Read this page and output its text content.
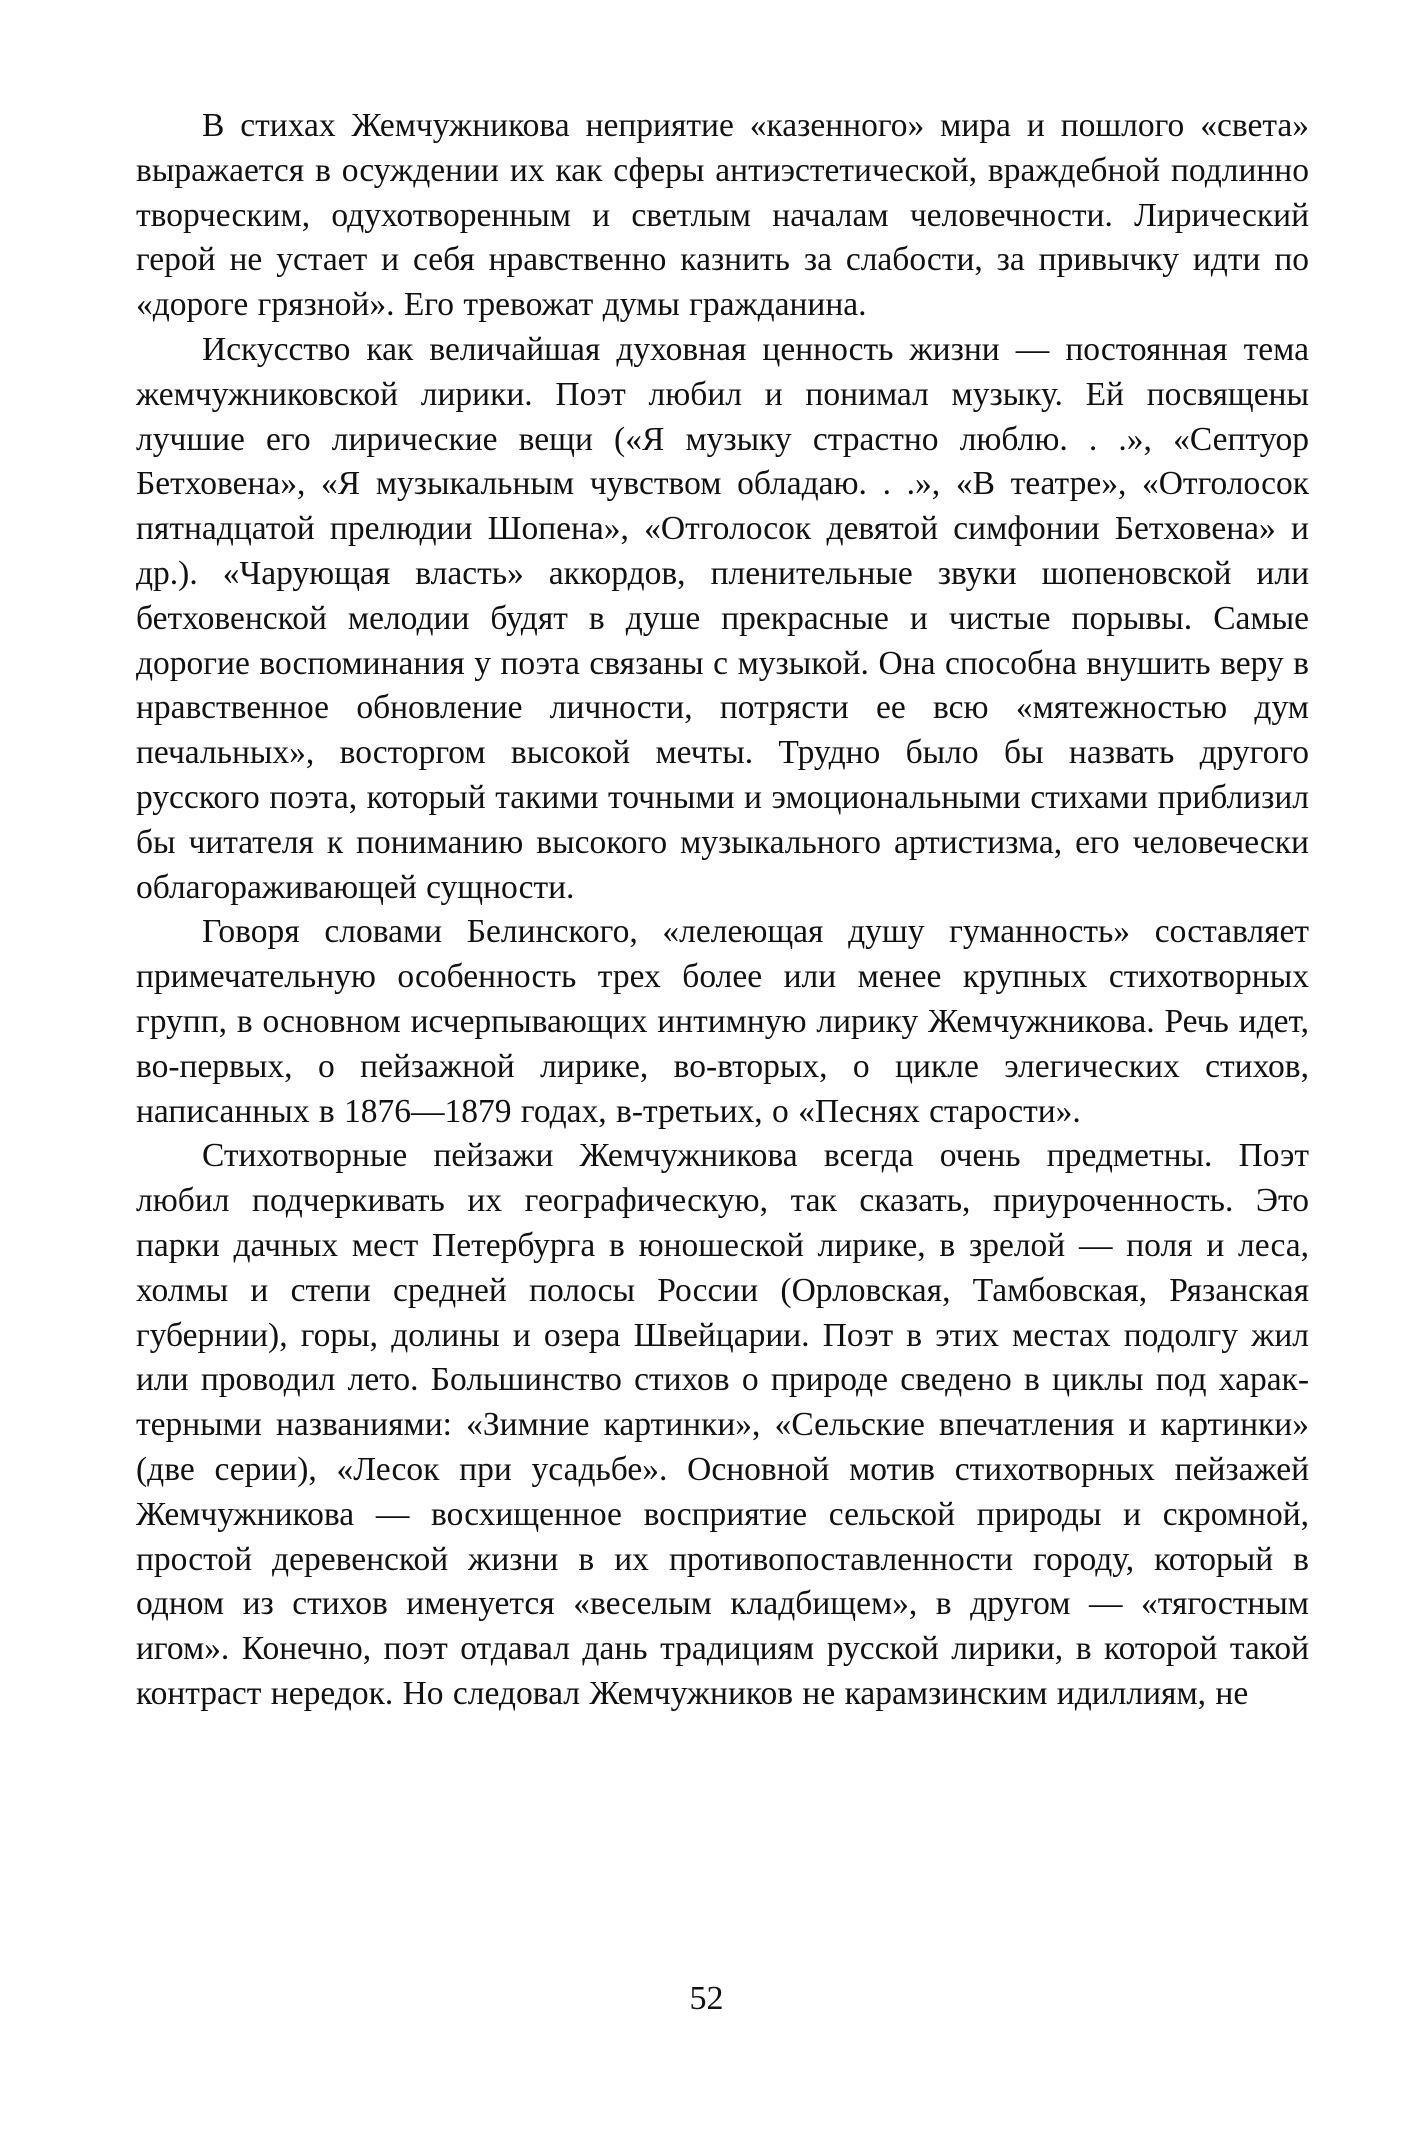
В стихах Жемчужникова неприятие «казенного» мира и пошлого «света» выражается в осуждении их как сферы антиэстетической, враждебной подлинно творческим, одухотворенным и светлым началам человечности. Лирический герой не устает и себя нравственно казнить за слабости, за привычку идти по «дороге грязной». Его тревожат думы гражданина.

Искусство как величайшая духовная ценность жизни — постоянная тема жемчужниковской лирики. Поэт любил и понимал музыку. Ей посвящены лучшие его лирические вещи («Я музыку страстно люблю. . .», «Септуор Бетховена», «Я музыкальным чувством обладаю. . .», «В театре», «Отголосок пятнадцатой прелюдии Шопена», «Отголосок девятой симфонии Бетховена» и др.). «Чарующая власть» аккордов, пленительные звуки шопеновской или бетховенской мелодии будят в душе прекрасные и чистые порывы. Самые дорогие воспоминания у поэта связаны с музыкой. Она способна внушить веру в нравственное обновление личности, потрясти ее всю «мятежностью дум печальных», восторгом высокой мечты. Трудно было бы назвать другого русского поэта, который такими точными и эмоциональными стихами приблизил бы читателя к пониманию высокого музыкального артистизма, его человечески облагораживающей сущности.

Говоря словами Белинского, «лелеющая душу гуманность» составляет примечательную особенность трех более или менее крупных стихотворных групп, в основном исчерпывающих интимную лирику Жемчужникова. Речь идет, во-первых, о пейзажной лирике, во-вторых, о цикле элегических стихов, написанных в 1876—1879 годах, в-третьих, о «Песнях старости».

Стихотворные пейзажи Жемчужникова всегда очень предметны. Поэт любил подчеркивать их географическую, так сказать, приуроченность. Это парки дачных мест Петербурга в юношеской лирике, в зрелой — поля и леса, холмы и степи средней полосы России (Орловская, Тамбовская, Рязанская губернии), горы, долины и озера Швейцарии. Поэт в этих местах подолгу жил или проводил лето. Большинство стихов о природе сведено в циклы под характерными названиями: «Зимние картинки», «Сельские впечатления и картинки» (две серии), «Лесок при усадьбе». Основной мотив стихотворных пейзажей Жемчужникова — восхищенное восприятие сельской природы и скромной, простой деревенской жизни в их противопоставленности городу, который в одном из стихов именуется «веселым кладбищем», в другом — «тягостным игом». Конечно, поэт отдавал дань традициям русской лирики, в которой такой контраст нередок. Но следовал Жемчужников не карамзинским идиллиям, не

52
